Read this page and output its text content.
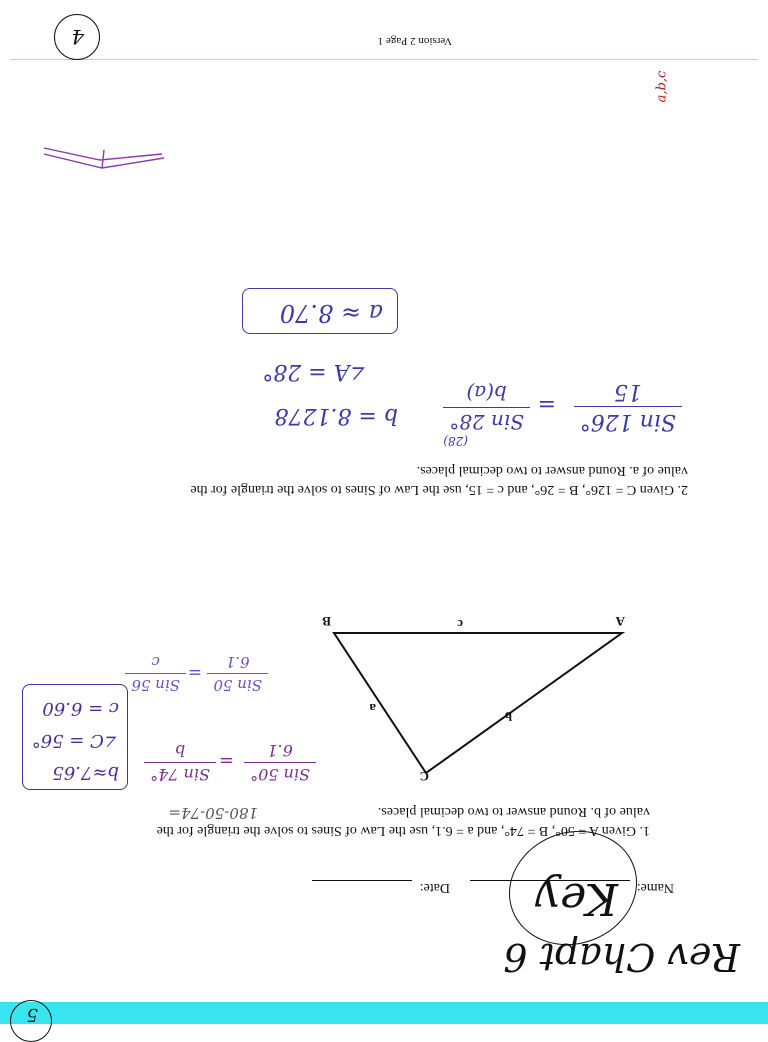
5
Rev Chapt 6
Name:
Date: Key
1. Given A = 50°, B = 74°, and a = 6.1, use the Law of Sines to solve the triangle for the
value of b. Round answer to two decimal places.
180-50-74=
A
B
C
a
b
c
Sin 50°
6.1
=
Sin 74°
b
Sin 50
6.1
=
Sin 56
c
b≈7.65
∠C = 56°
c = 6.60
2. Given C = 126°, B = 26°, and c = 15, use the Law of Sines to solve the triangle for the
value of a. Round answer to two decimal places.
Sin 126°
15
=
Sin 28°
b(a)
(28)
b = 8.1278
∠A = 28°
a ≈ 8.70
a,b,c
Version 2 Page 1
4
